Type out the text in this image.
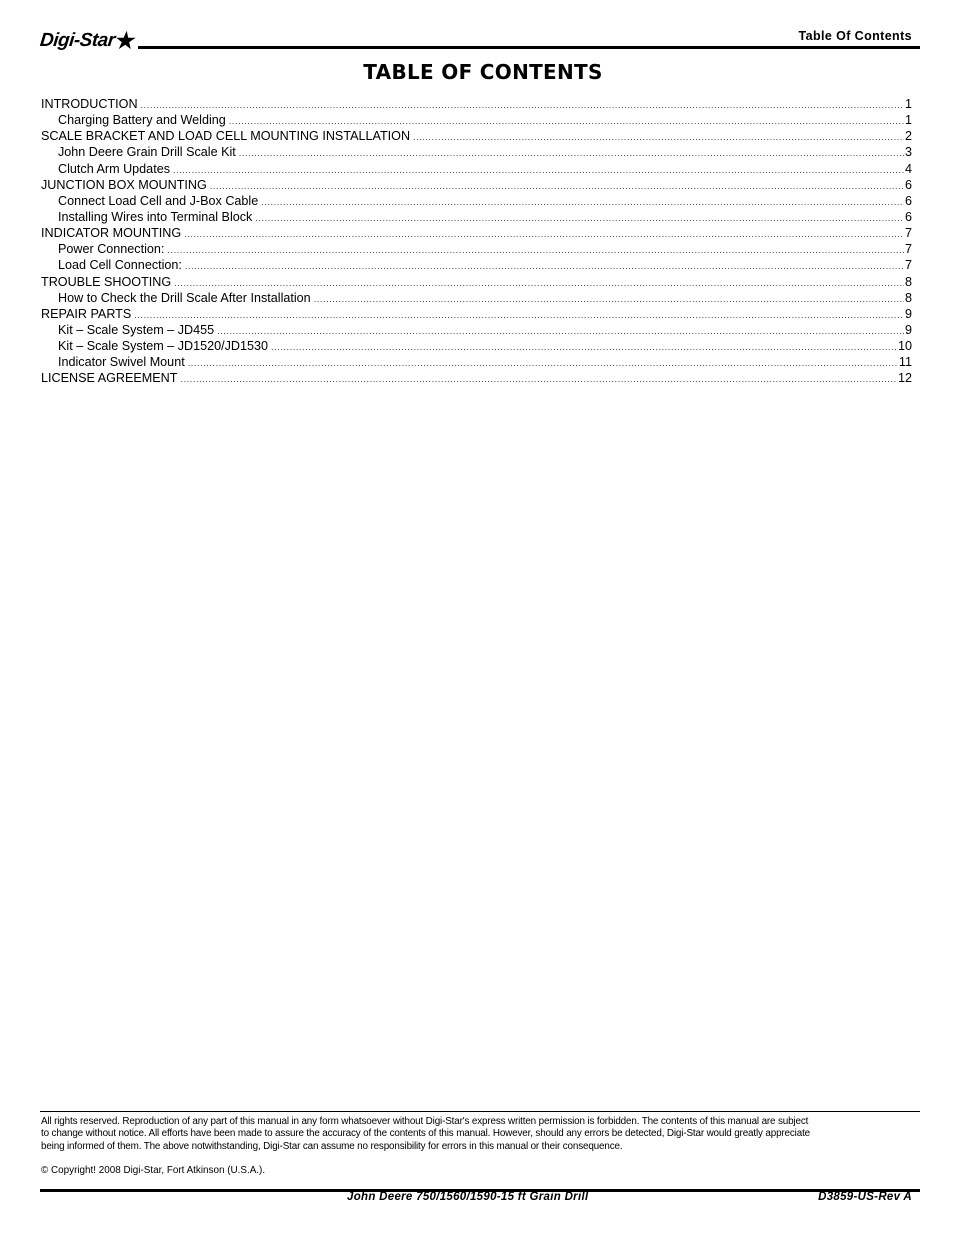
Digi-Star★	Table Of Contents
TABLE OF CONTENTS
INTRODUCTION .....	1
Charging Battery and Welding .....	1
SCALE BRACKET AND LOAD CELL MOUNTING INSTALLATION .....	2
John Deere Grain Drill Scale Kit .....	3
Clutch Arm Updates .....	4
JUNCTION BOX MOUNTING .....	6
Connect Load Cell and J-Box Cable .....	6
Installing Wires into Terminal Block .....	6
INDICATOR MOUNTING .....	7
Power Connection: .....	7
Load Cell Connection: .....	7
TROUBLE SHOOTING .....	8
How to Check the Drill Scale After Installation .....	8
REPAIR PARTS .....	9
Kit – Scale System – JD455 .....	9
Kit – Scale System – JD1520/JD1530 .....	10
Indicator Swivel Mount .....	11
LICENSE AGREEMENT .....	12
All rights reserved. Reproduction of any part of this manual in any form whatsoever without Digi-Star's express written permission is forbidden. The contents of this manual are subject
to change without notice. All efforts have been made to assure the accuracy of the contents of this manual. However, should any errors be detected, Digi-Star would greatly appreciate
being informed of them. The above notwithstanding, Digi-Star can assume no responsibility for errors in this manual or their consequence.
© Copyright! 2008 Digi-Star, Fort Atkinson (U.S.A.).
John Deere 750/1560/1590-15 ft Grain Drill	D3859-US-Rev A
